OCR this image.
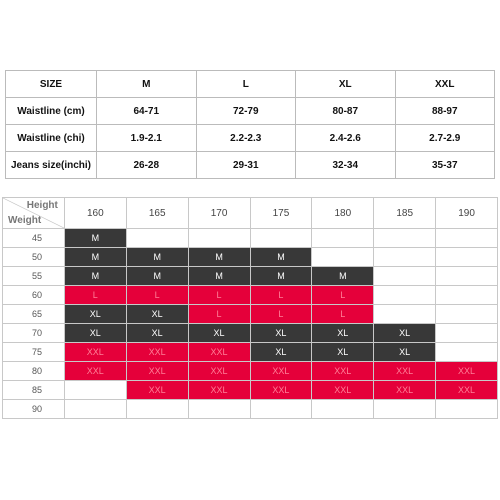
SIZE	M	L	XL	XXL
Waistline (cm)	64-71	72-79	80-87	88-97
Waistline (chi)	1.9-2.1	2.2-2.3	2.4-2.6	2.7-2.9
Jeans size(inchi)	26-28	29-31	32-34	35-37
Height
Weight	160	165	170	175	180	185	190
45	M						
50	M	M	M	M			
55	M	M	M	M	M		
60	L	L	L	L	L		
65	XL	XL	L	L	L		
70	XL	XL	XL	XL	XL	XL	
75	XXL	XXL	XXL	XL	XL	XL	
80	XXL	XXL	XXL	XXL	XXL	XXL	XXL
85		XXL	XXL	XXL	XXL	XXL	XXL
90							
